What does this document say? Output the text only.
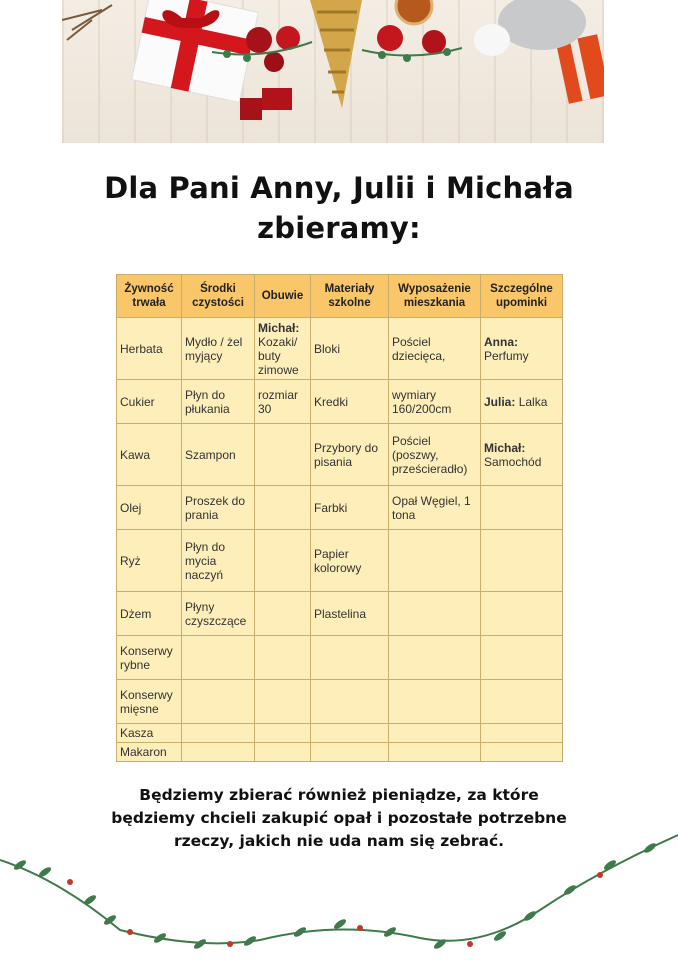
Dla Pani Anny, Julii i Michała
zbieramy:
Żywność trwała	Środki czystości	Obuwie	Materiały szkolne	Wyposażenie mieszkania	Szczególne upominki
Herbata	Mydło / żel myjący	Michał: Kozaki/ buty zimowe	Bloki	Pościel dziecięca,	Anna: Perfumy
Cukier	Płyn do płukania	rozmiar 30	Kredki	wymiary 160/200cm	Julia: Lalka
Kawa	Szampon		Przybory do pisania	Pościel (poszwy, prześcieradło)	Michał: Samochód
Olej	Proszek do prania		Farbki	Opał Węgiel, 1 tona	
Ryż	Płyn do mycia naczyń		Papier kolorowy		
Dżem	Płyny czyszczące		Plastelina		
Konserwy rybne					
Konserwy mięsne					
Kasza					
Makaron					
Będziemy zbierać również pieniądze, za które
będziemy chcieli zakupić opał i pozostałe potrzebne
rzeczy, jakich nie uda nam się zebrać.
